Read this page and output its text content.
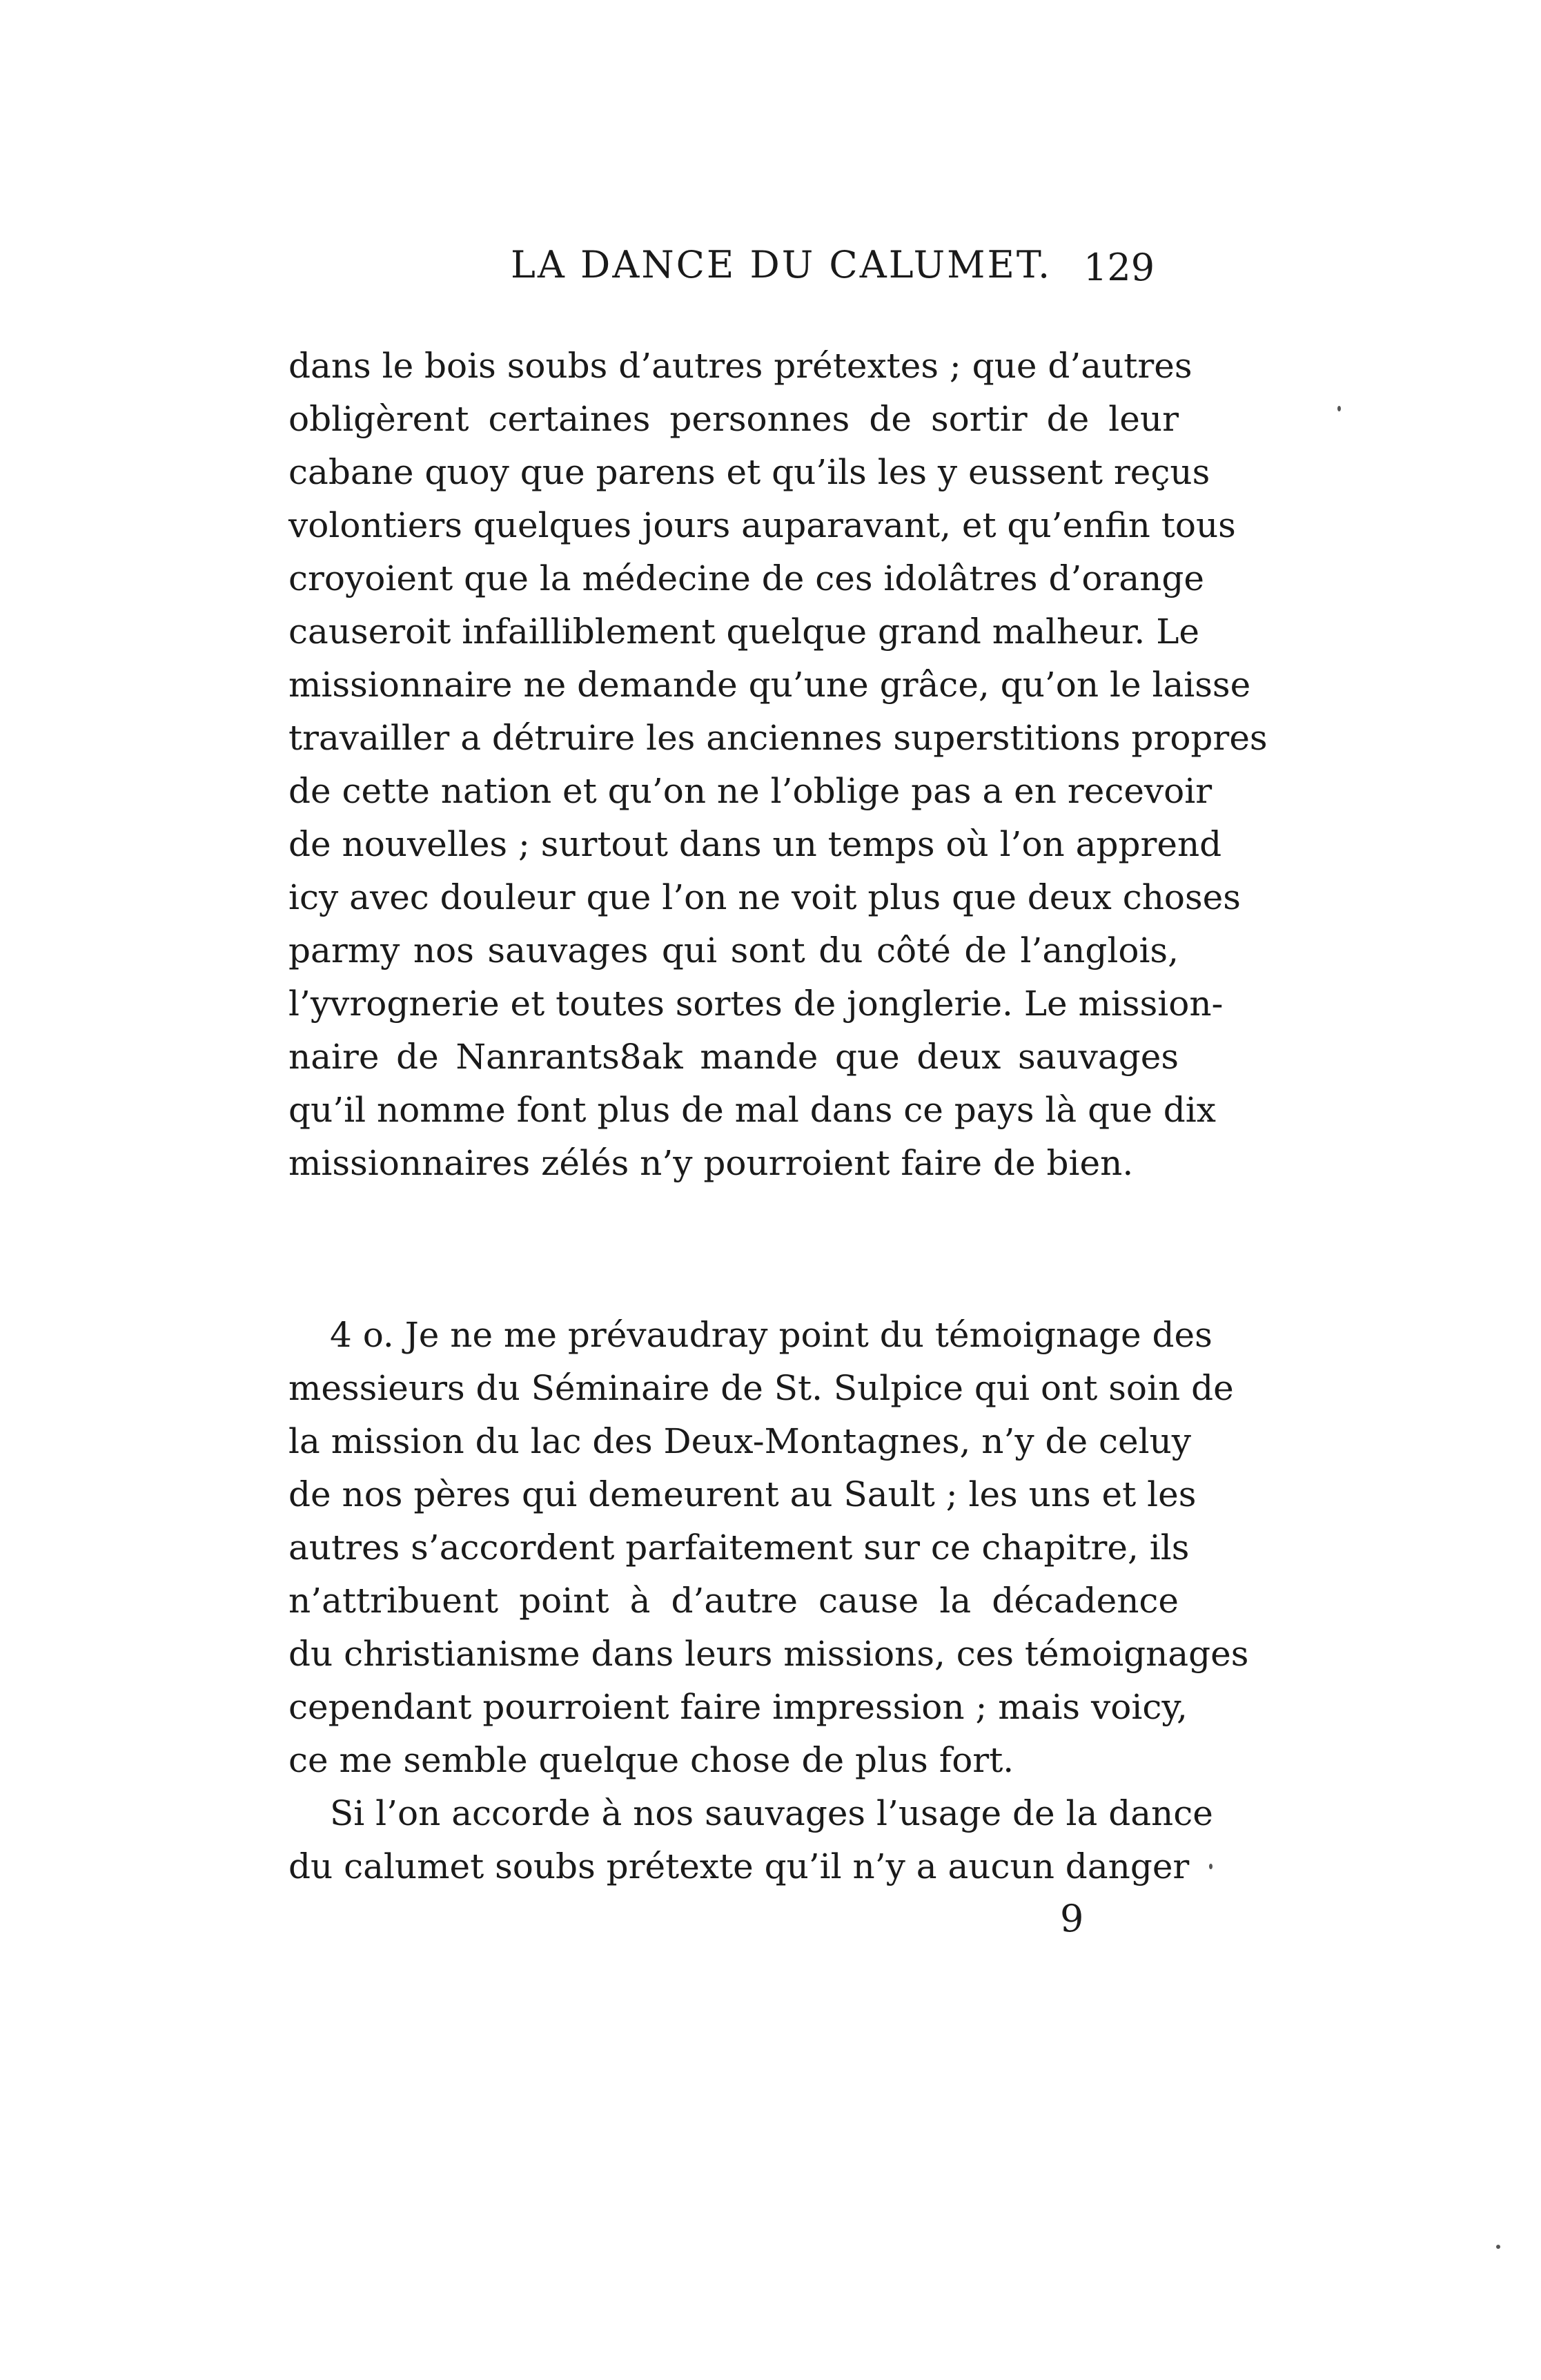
LA DANCE DU CALUMET. 129
dans le bois soubs d’autres prétextes ; que d’autres
obligèrent certaines personnes de sortir de leur
cabane quoy que parens et qu’ils les y eussent reçus
volontiers quelques jours auparavant, et qu’enfin tous
croyoient que la médecine de ces idolâtres d’orange
causeroit infailliblement quelque grand malheur. Le
missionnaire ne demande qu’une grâce, qu’on le laisse
travailler a détruire les anciennes superstitions propres
de cette nation et qu’on ne l’oblige pas a en recevoir
de nouvelles ; surtout dans un temps où l’on apprend
icy avec douleur que l’on ne voit plus que deux choses
parmy nos sauvages qui sont du côté de l’anglois,
l’yvrognerie et toutes sortes de jonglerie. Le mission-
naire de Nanrants8ak mande que deux sauvages
qu’il nomme font plus de mal dans ce pays là que dix
missionnaires zélés n’y pourroient faire de bien.
4 o. Je ne me prévaudray point du témoignage des
messieurs du Séminaire de St. Sulpice qui ont soin de
la mission du lac des Deux-Montagnes, n’y de celuy
de nos pères qui demeurent au Sault ; les uns et les
autres s’accordent parfaitement sur ce chapitre, ils
n’attribuent point à d’autre cause la décadence
du christianisme dans leurs missions, ces témoignages
cependant pourroient faire impression ; mais voicy,
ce me semble quelque chose de plus fort.
Si l’on accorde à nos sauvages l’usage de la dance
du calumet soubs prétexte qu’il n’y a aucun danger
9
